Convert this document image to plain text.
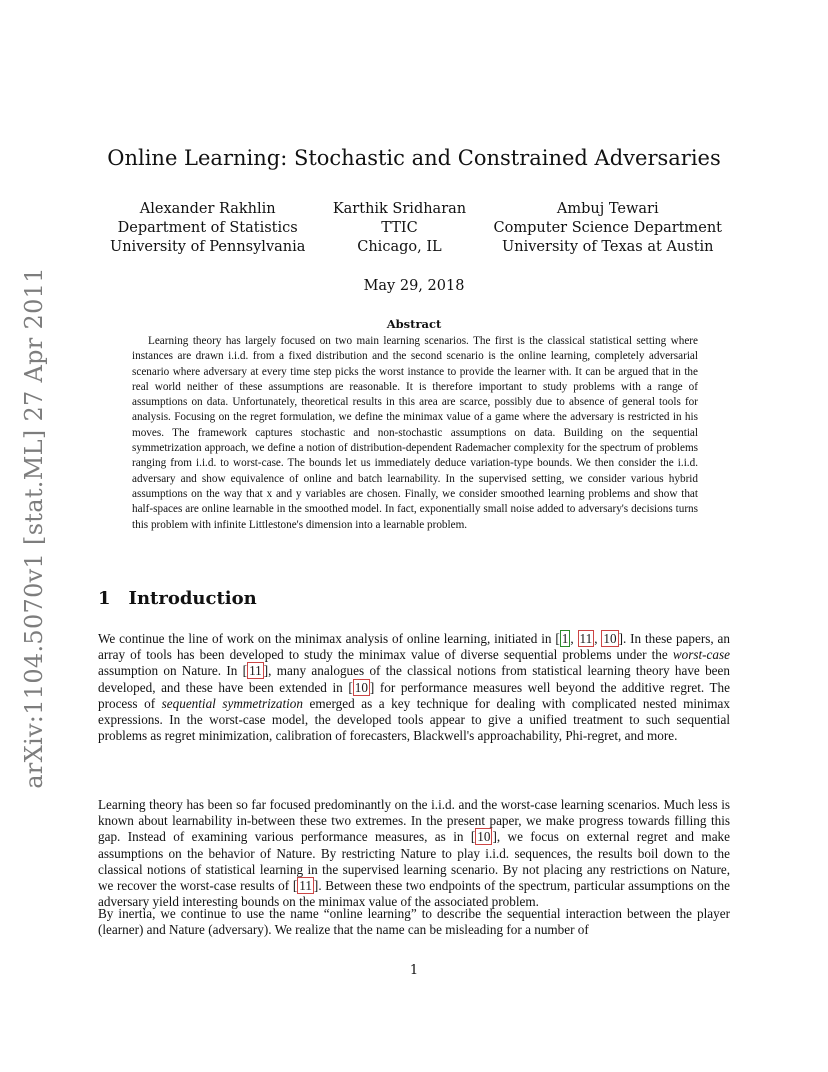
arXiv:1104.5070v1 [stat.ML] 27 Apr 2011
Online Learning: Stochastic and Constrained Adversaries
Alexander Rakhlin
Department of Statistics
University of Pennsylvania
Karthik Sridharan
TTIC
Chicago, IL
Ambuj Tewari
Computer Science Department
University of Texas at Austin
May 29, 2018
Abstract
Learning theory has largely focused on two main learning scenarios. The first is the classical statistical setting where instances are drawn i.i.d. from a fixed distribution and the second scenario is the online learning, completely adversarial scenario where adversary at every time step picks the worst instance to provide the learner with. It can be argued that in the real world neither of these assumptions are reasonable. It is therefore important to study problems with a range of assumptions on data. Unfortunately, theoretical results in this area are scarce, possibly due to absence of general tools for analysis. Focusing on the regret formulation, we define the minimax value of a game where the adversary is restricted in his moves. The framework captures stochastic and non-stochastic assumptions on data. Building on the sequential symmetrization approach, we define a notion of distribution-dependent Rademacher complexity for the spectrum of problems ranging from i.i.d. to worst-case. The bounds let us immediately deduce variation-type bounds. We then consider the i.i.d. adversary and show equivalence of online and batch learnability. In the supervised setting, we consider various hybrid assumptions on the way that x and y variables are chosen. Finally, we consider smoothed learning problems and show that half-spaces are online learnable in the smoothed model. In fact, exponentially small noise added to adversary's decisions turns this problem with infinite Littlestone's dimension into a learnable problem.
1 Introduction
We continue the line of work on the minimax analysis of online learning, initiated in [ 1 , 11 , 10 ]. In these papers, an array of tools has been developed to study the minimax value of diverse sequential problems under the worst-case assumption on Nature. In [ 11 ], many analogues of the classical notions from statistical learning theory have been developed, and these have been extended in [ 10 ] for performance measures well beyond the additive regret. The process of sequential symmetrization emerged as a key technique for dealing with complicated nested minimax expressions. In the worst-case model, the developed tools appear to give a unified treatment to such sequential problems as regret minimization, calibration of forecasters, Blackwell's approachability, Phi-regret, and more.
Learning theory has been so far focused predominantly on the i.i.d. and the worst-case learning scenarios. Much less is known about learnability in-between these two extremes. In the present paper, we make progress towards filling this gap. Instead of examining various performance measures, as in [ 10 ], we focus on external regret and make assumptions on the behavior of Nature. By restricting Nature to play i.i.d. sequences, the results boil down to the classical notions of statistical learning in the supervised learning scenario. By not placing any restrictions on Nature, we recover the worst-case results of [ 11 ]. Between these two endpoints of the spectrum, particular assumptions on the adversary yield interesting bounds on the minimax value of the associated problem.
By inertia, we continue to use the name “online learning” to describe the sequential interaction between the player (learner) and Nature (adversary). We realize that the name can be misleading for a number of
1
